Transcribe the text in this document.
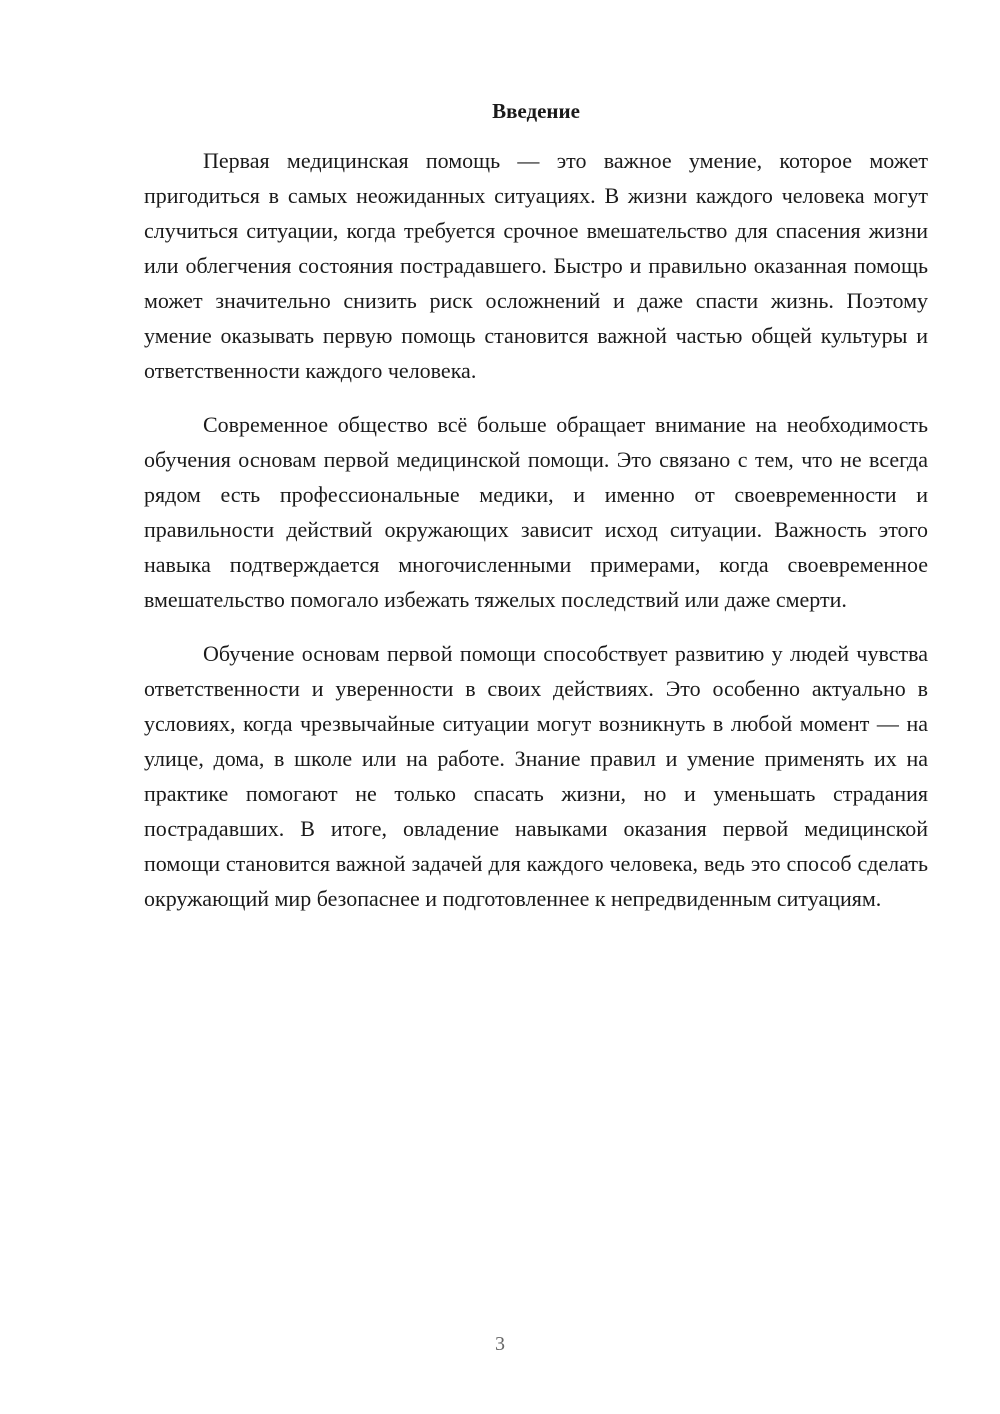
Введение

Первая медицинская помощь — это важное умение, которое может пригодиться в самых неожиданных ситуациях. В жизни каждого человека могут случиться ситуации, когда требуется срочное вмешательство для спасения жизни или облегчения состояния пострадавшего. Быстро и правильно оказанная помощь может значительно снизить риск осложнений и даже спасти жизнь. Поэтому умение оказывать первую помощь становится важной частью общей культуры и ответственности каждого человека.

Современное общество всё больше обращает внимание на необходимость обучения основам первой медицинской помощи. Это связано с тем, что не всегда рядом есть профессиональные медики, и именно от своевременности и правильности действий окружающих зависит исход ситуации. Важность этого навыка подтверждается многочисленными примерами, когда своевременное вмешательство помогало избежать тяжелых последствий или даже смерти.

Обучение основам первой помощи способствует развитию у людей чувства ответственности и уверенности в своих действиях. Это особенно актуально в условиях, когда чрезвычайные ситуации могут возникнуть в любой момент — на улице, дома, в школе или на работе. Знание правил и умение применять их на практике помогают не только спасать жизни, но и уменьшать страдания пострадавших. В итоге, овладение навыками оказания первой медицинской помощи становится важной задачей для каждого человека, ведь это способ сделать окружающий мир безопаснее и подготовленнее к непредвиденным ситуациям.

3
